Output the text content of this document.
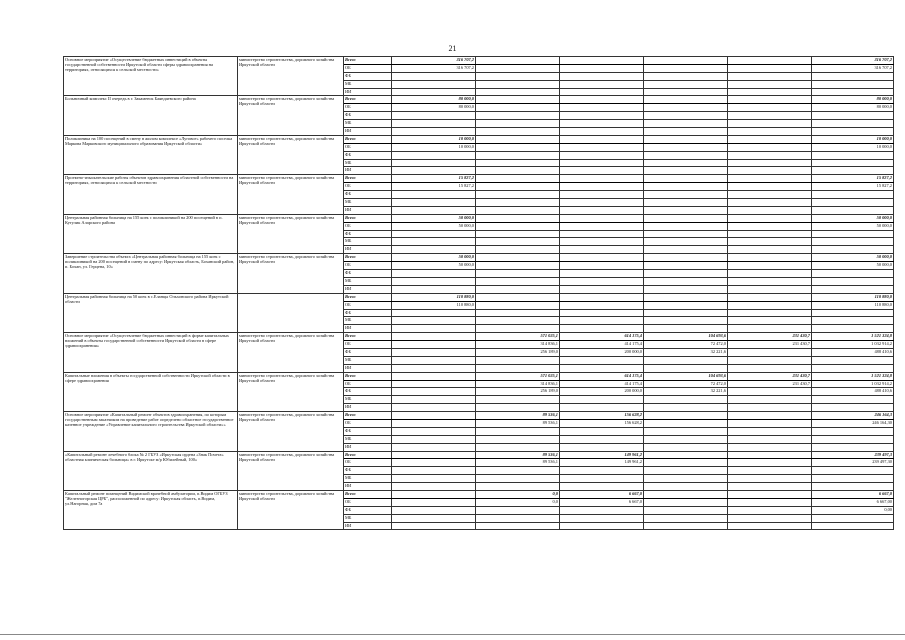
21
Основное мероприятие «Осуществление бюджетных инвестиций в объекты государственной собственности Иркутской области сферы здравоохранения на территориях, относящихся к сельской местности»	министерство строительства, дорожного хозяйства Иркутской области	Всего	316 707,2					316 707,2
		ОБ	316 707,2					316 707,2
		ФБ						
		МБ						
		ИИ						
Больничный комплекс II очередь в г. Закаменск Баяндаевского района	министерство строительства, дорожного хозяйства Иркутской области	Всего	80 000,0					80 000,0
		ОБ	80 000,0					80 000,0
		ФБ						
		МБ						
		ИИ						
Поликлиника на 100 посещений в смену в жилом комплексе «Луговое» рабочего поселка Маркова Марковского муниципального образования Иркутской области»	министерство строительства, дорожного хозяйства Иркутской области	Всего	10 000,0					10 000,0
		ОБ	10 000,0					10 000,0
		ФБ						
		МБ						
		ИИ						
Проектно-изыскательские работы объектов здравоохранения областной собственности на территориях, относящихся к сельской местности	министерство строительства, дорожного хозяйства Иркутской области	Всего	15 827,2					15 827,2
		ОБ	15 827,2					15 827,2
		ФБ						
		МБ						
		ИИ						
Центральная районная больница на 155 коек с поликлиникой на 200 посещений в п. Кутулик Аларского района	министерство строительства, дорожного хозяйства Иркутской области	Всего	50 000,0					50 000,0
		ОБ	50 000,0					50 000,0
		ФБ						
		МБ						
		ИИ						
Завершение строительства объекта «Центральная районная больница на 155 коек с поликлиникой на 200 посещений в смену по адресу: Иркутская область, Боханский район, п. Бохан, ул. Герцена, 10»	министерство строительства, дорожного хозяйства Иркутской области	Всего	50 000,0					50 000,0
		ОБ	50 000,0					50 000,0
		ФБ						
		МБ						
		ИИ						
Центральная районная больница на 50 коек в с.Еланцы Ольхонского района Иркутской области		Всего	110 880,0					110 880,0
		ОБ	110 880,0					110 880,0
		ФБ						
		МБ						
		ИИ						
Основное мероприятие «Осуществление бюджетных инвестиций в форме капитальных вложений в объекты государственной собственности Иркутской области в сфере здравоохранения»	министерство строительства, дорожного хозяйства Иркутской области	Всего		571 025,1	614 175,4	104 693,6	231 430,7	1 521 324,8
		ОБ		314 836,1	414 175,4	72 472,0	231 430,7	1 032 914,2
		ФБ		256 189,0	200 000,0	32 221,6		488 410,6
		МБ						
		ИИ						
Капитальные вложения в объекты государственной собственности Иркутской области в сфере здравоохранения	министерство строительства, дорожного хозяйства Иркутской области	Всего		571 025,1	614 175,4	104 693,6	231 430,7	1 521 324,8
		ОБ		314 836,1	414 175,4	72 472,0	231 430,7	1 032 914,2
		ФБ		256 189,0	200 000,0	32 221,6		488 410,6
		МБ						
		ИИ						
Основное мероприятие «Капитальный ремонт объектов здравоохранения, по которым государственным заказчиком на проведение работ определено областное государственное казенное учреждение «Управление капитального строительства Иркутской области»»	министерство строительства, дорожного хозяйства Иркутской области	Всего		89 536,1	156 628,2			246 164,3
		ОБ		89 536,1	156 628,2			246 164,30
		ФБ						
		МБ						
		ИИ						
«Капитальный ремонт лечебного блока № 2 ГБУЗ «Иркутская ордена «Знак Почета» областная клиническая больница» в г. Иркутске м/р Юбилейный, 100»	министерство строительства, дорожного хозяйства Иркутской области	Всего		89 536,1	149 961,2			239 497,3
		ОБ		89 536,1	149 961,2			239 497,30
		ФБ						
		МБ						
		ИИ						
Капитальный ремонт помещений Видимской врачебной амбулатории, п.Видим ОГБУЗ "Железногорская ЦРБ", расположенной по адресу: Иркутская область, п.Видим, ул.Нагорная, дом 7а	министерство строительства, дорожного хозяйства Иркутской области	Всего		0,0	6 667,0			6 667,0
		ОБ		0,0	6 667,0			6 667,00
		ФБ						0,00
		МБ						
		ИИ						
